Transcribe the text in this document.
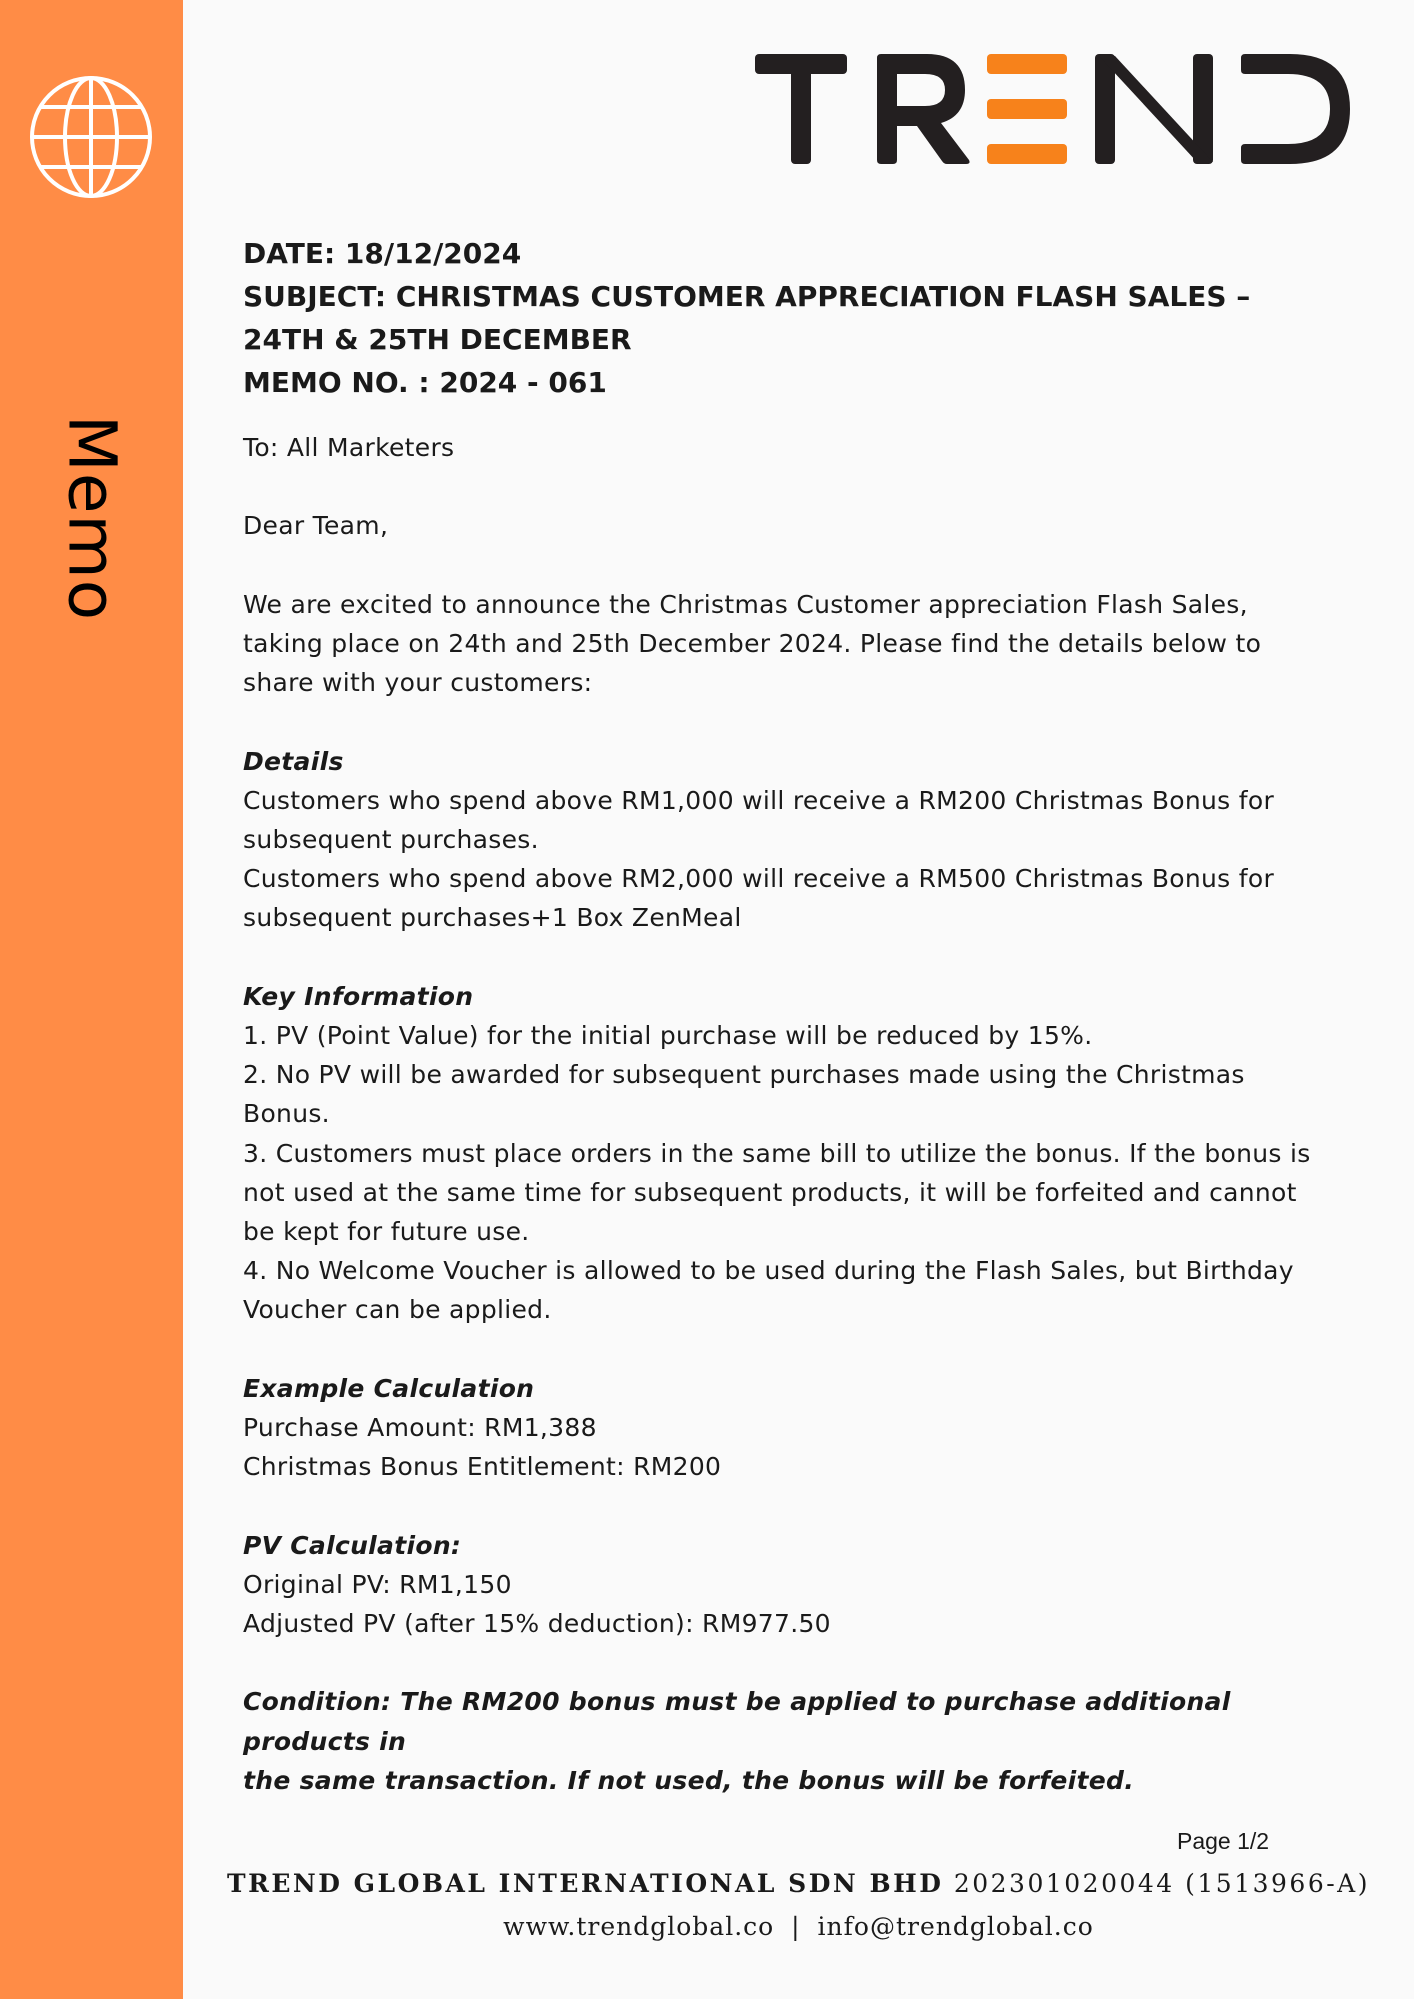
Memo

DATE: 18/12/2024

SUBJECT: CHRISTMAS CUSTOMER APPRECIATION FLASH SALES –

24TH & 25TH DECEMBER

MEMO NO. : 2024 - 061

To: All Marketers

Dear Team,

We are excited to announce the Christmas Customer appreciation Flash Sales,

taking place on 24th and 25th December 2024. Please find the details below to

share with your customers:

Details

Customers who spend above RM1,000 will receive a RM200 Christmas Bonus for

subsequent purchases.

Customers who spend above RM2,000 will receive a RM500 Christmas Bonus for

subsequent purchases+1 Box ZenMeal

Key Information

1. PV (Point Value) for the initial purchase will be reduced by 15%.

2. No PV will be awarded for subsequent purchases made using the Christmas

Bonus.

3. Customers must place orders in the same bill to utilize the bonus. If the bonus is

not used at the same time for subsequent products, it will be forfeited and cannot

be kept for future use.

4. No Welcome Voucher is allowed to be used during the Flash Sales, but Birthday

Voucher can be applied.

Example Calculation

Purchase Amount: RM1,388

Christmas Bonus Entitlement: RM200

PV Calculation:

Original PV: RM1,150

Adjusted PV (after 15% deduction): RM977.50

Condition: The RM200 bonus must be applied to purchase additional products in

the same transaction. If not used, the bonus will be forfeited.

Page 1/2
TREND GLOBAL INTERNATIONAL SDN BHD 202301020044 (1513966-A)
www.trendglobal.co | info@trendglobal.co
